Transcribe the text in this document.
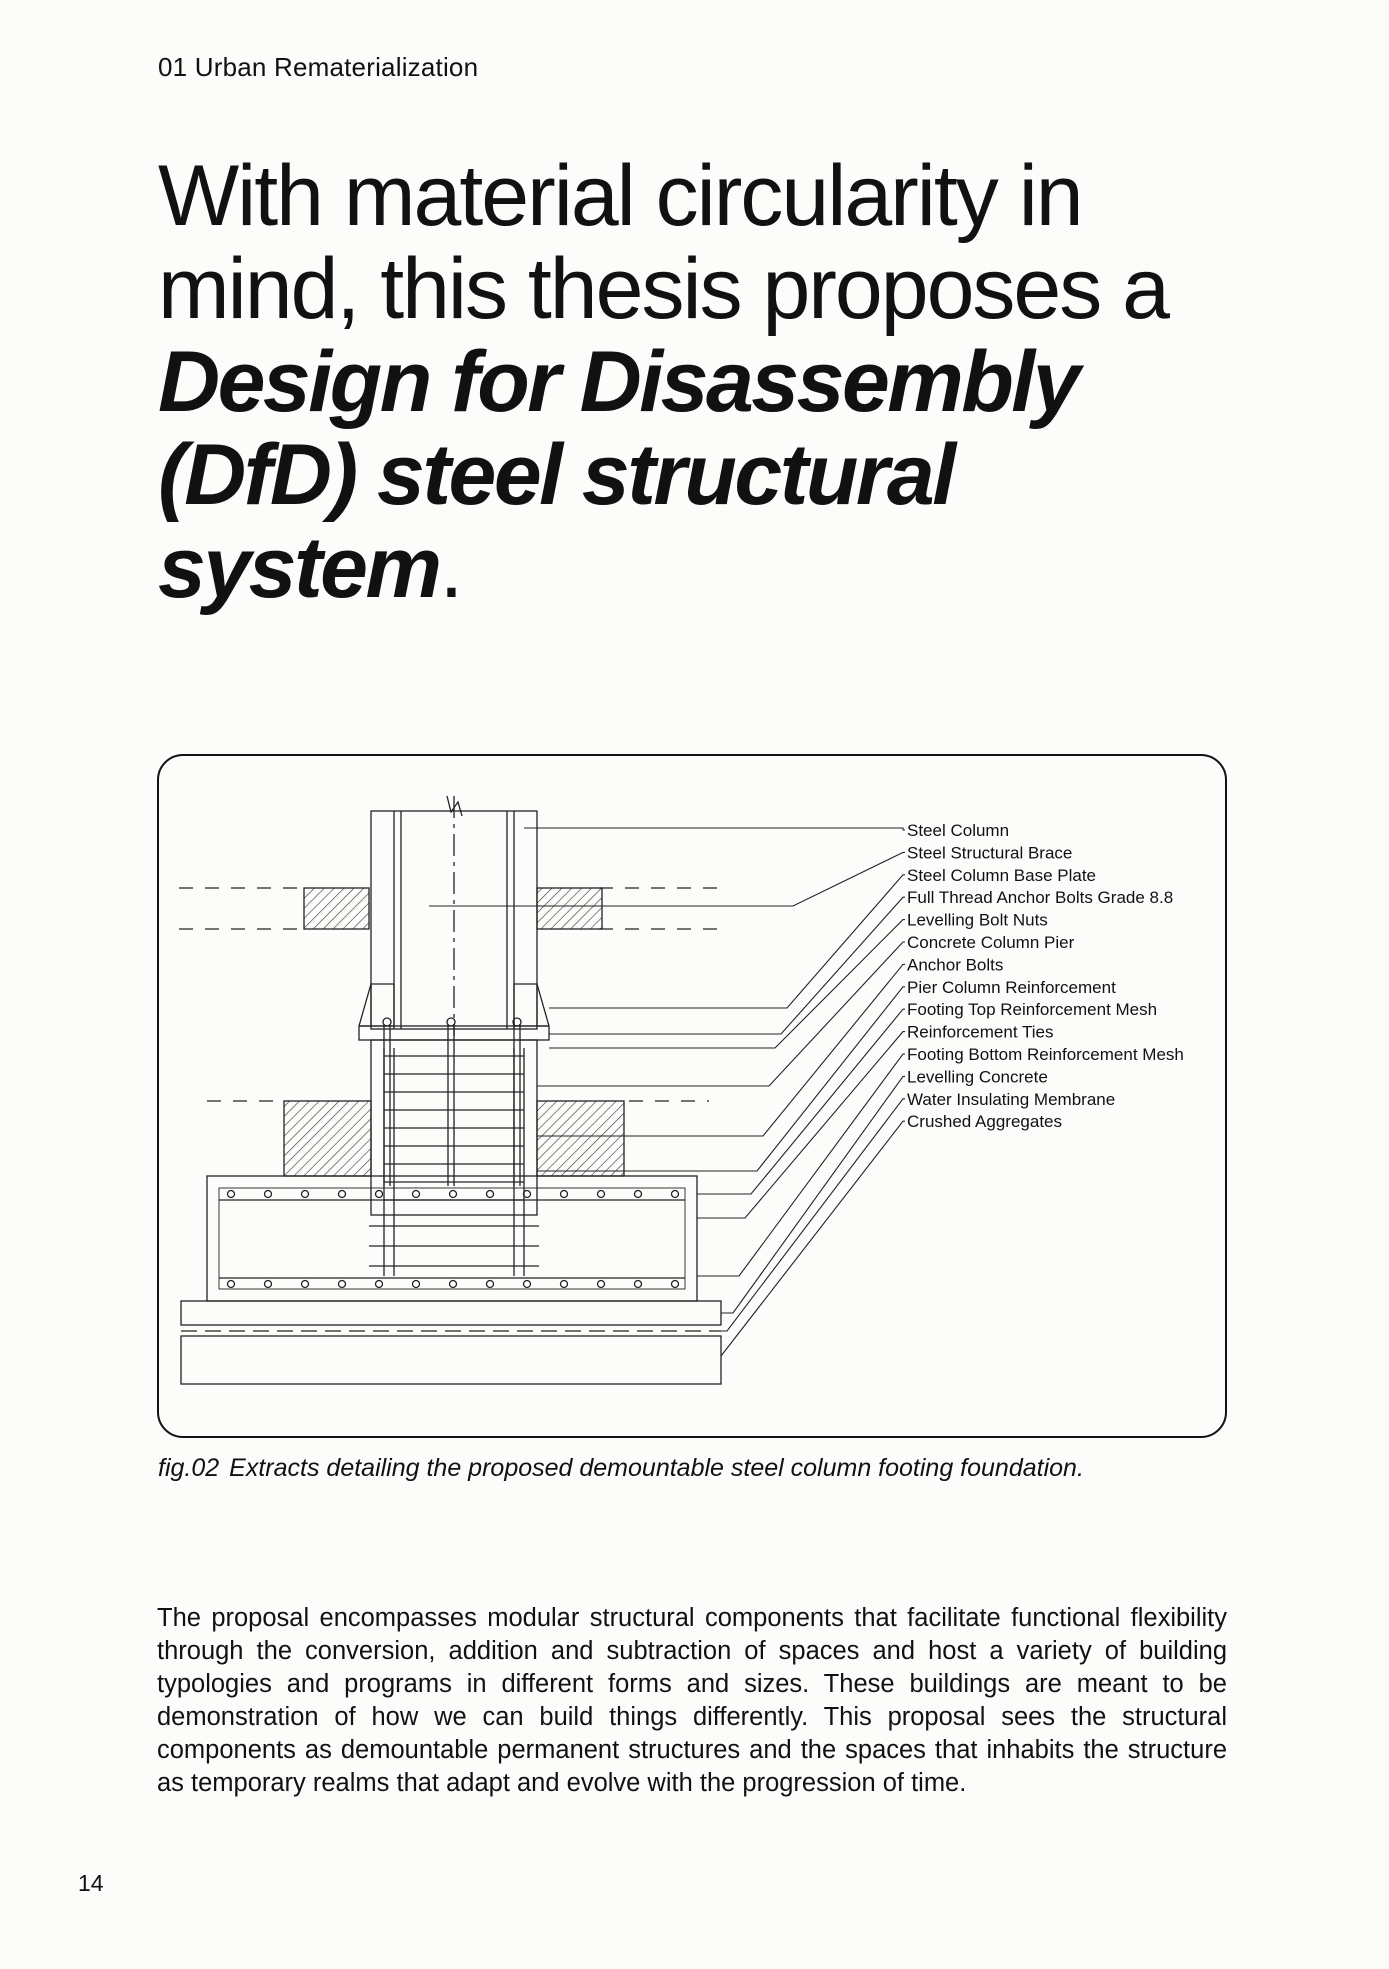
01 Urban Rematerialization
With material circularity in mind, this thesis proposes a Design for Disassembly (DfD) steel structural system.
Steel Column
Steel Structural Brace
Steel Column Base Plate
Full Thread Anchor Bolts Grade 8.8
Levelling Bolt Nuts
Concrete Column Pier
Anchor Bolts
Pier Column Reinforcement
Footing Top Reinforcement Mesh
Reinforcement Ties
Footing Bottom Reinforcement Mesh
Levelling Concrete
Water Insulating Membrane
Crushed Aggregates
fig.02 Extracts detailing the proposed demountable steel column footing foundation.

The proposal encompasses modular structural components that facilitate functional flexibility through the conversion, addition and subtraction of spaces and host a variety of building typologies and programs in different forms and sizes. These buildings are meant to be demonstration of how we can build things differently. This proposal sees the structural components as demountable permanent structures and the spaces that inhabits the structure as temporary realms that adapt and evolve with the progression of time.

14
